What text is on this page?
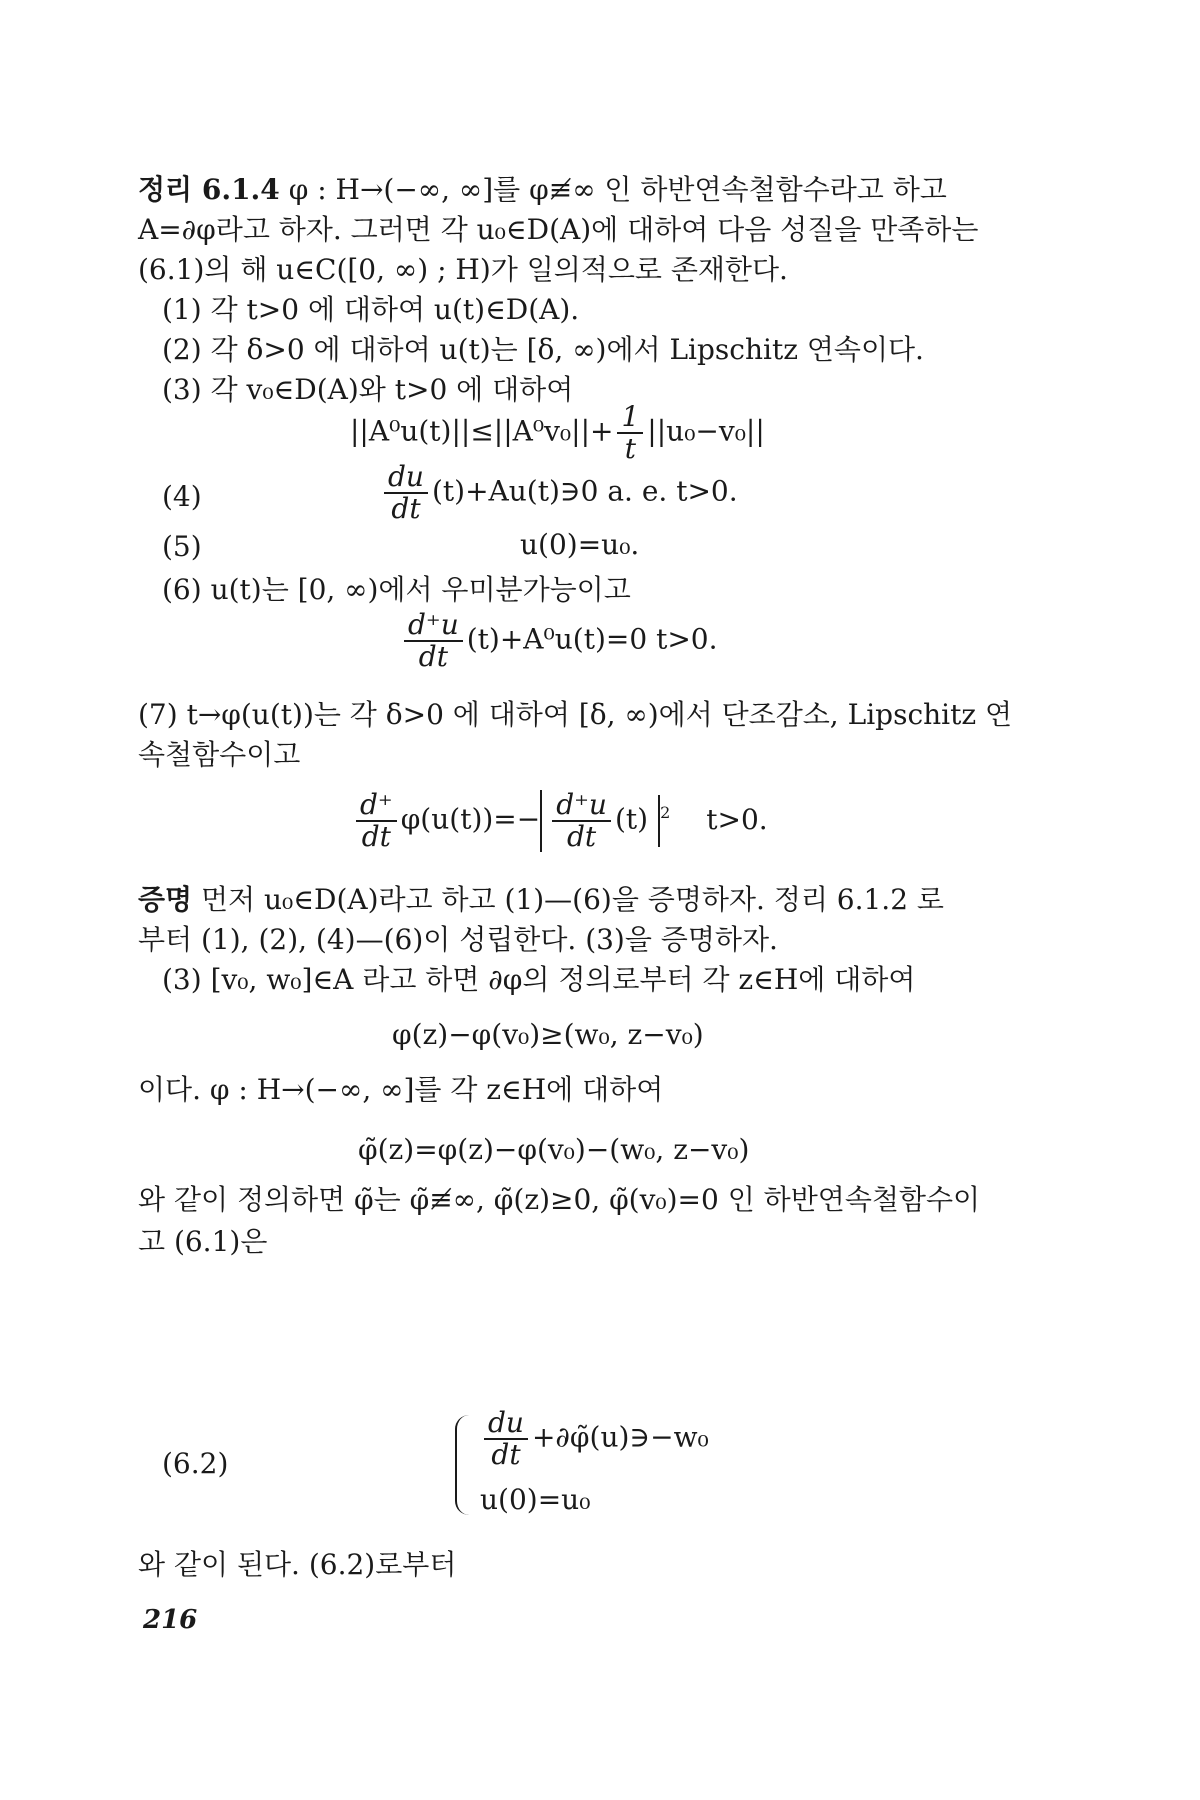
정리 6.1.4 φ : H→(−∞, ∞]를 φ≢∞ 인 하반연속철함수라고 하고
A=∂φ라고 하자. 그러면 각 u₀∈D(A)에 대하여 다음 성질을 만족하는
(6.1)의 해 u∈C([0, ∞) ; H)가 일의적으로 존재한다.
(1) 각 t>0 에 대하여 u(t)∈D(A).
(2) 각 δ>0 에 대하여 u(t)는 [δ, ∞)에서 Lipschitz 연속이다.
(3) 각 v₀∈D(A)와 t>0 에 대하여
$||A^0u(t)||\le||A^0v_0||+ \frac{1}{t} ||u_0-v_0||$
(4)	$\frac{du}{dt}$ (t)+Au(t)∋0 a. e. t>0.
(5)	u(0)=u₀.
(6) u(t)는 [0, ∞)에서 우미분가능이고
$\frac{d^+u}{dt} (t)+A^0u(t)=0$ t>0.
(7) t→φ(u(t))는 각 δ>0 에 대하여 [δ, ∞)에서 단조감소, Lipschitz 연
속철함수이고
$\frac{d^+}{dt} \varphi(u(t))=- \frac{d^+u}{dt} (t)$ $^2$ t>0.
증명 먼저 u₀∈D(A)라고 하고 (1)—(6)을 증명하자. 정리 6.1.2 로
부터 (1), (2), (4)—(6)이 성립한다. (3)을 증명하자.
(3) [v₀, w₀]∈A 라고 하면 ∂φ의 정의로부터 각 z∈H에 대하여
φ(z)−φ(v₀)≥(w₀, z−v₀)
이다. φ : H→(−∞, ∞]를 각 z∈H에 대하여
φ̃(z)=φ(z)−φ(v₀)−(w₀, z−v₀)
와 같이 정의하면 φ̃는 φ̃≢∞, φ̃(z)≥0, φ̃(v₀)=0 인 하반연속철함수이
고 (6.1)은
(6.2)	$\frac{du}{dt}$ +∂φ̃(u)∋−w₀
u(0)=u₀
와 같이 된다. (6.2)로부터
216
